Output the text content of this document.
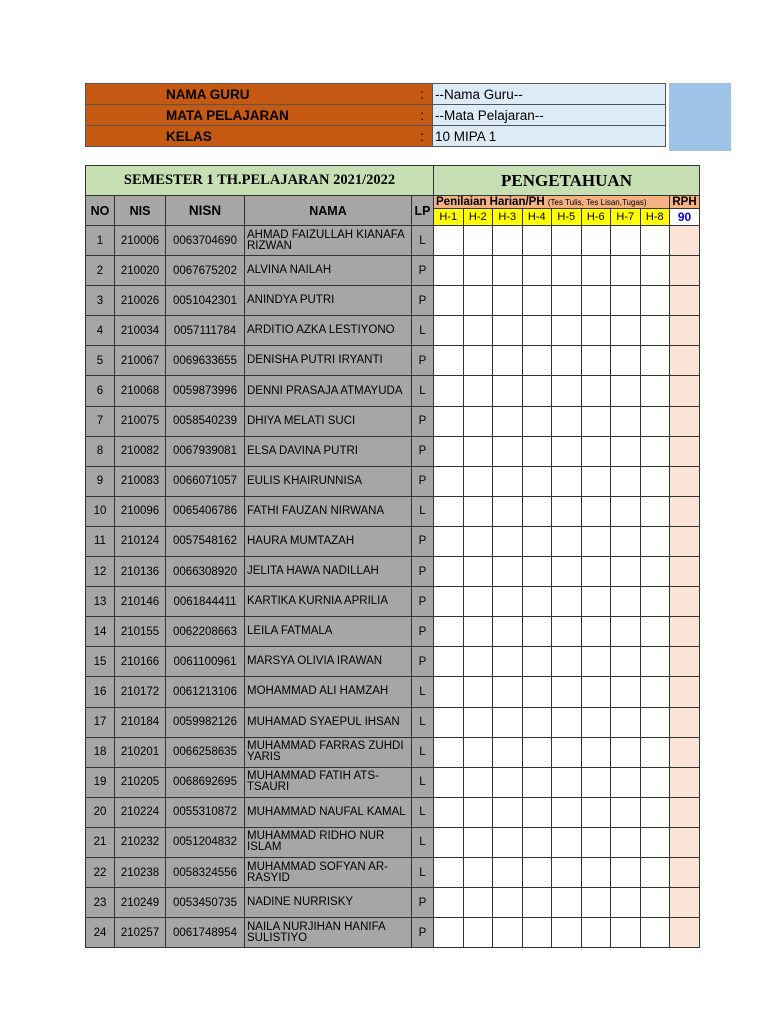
NAMA GURU :	--Nama Guru--
MATA PELAJARAN :	--Mata Pelajaran--
KELAS :	10 MIPA 1
SEMESTER 1 TH.PELAJARAN 2021/2022					PENGETAHUAN								
NO	NIS	NISN	NAMA	LP	Penilaian Harian/PH (Tes Tulis, Tes Lisan,Tugas)								RPH
					H-1	H-2	H-3	H-4	H-5	H-6	H-7	H-8	90
1	210006	0063704690	AHMAD FAIZULLAH KIANAFA RIZWAN	L									
2	210020	0067675202	ALVINA NAILAH	P									
3	210026	0051042301	ANINDYA PUTRI	P									
4	210034	0057111784	ARDITIO AZKA LESTIYONO	L									
5	210067	0069633655	DENISHA PUTRI IRYANTI	P									
6	210068	0059873996	DENNI PRASAJA ATMAYUDA	L									
7	210075	0058540239	DHIYA MELATI SUCI	P									
8	210082	0067939081	ELSA DAVINA PUTRI	P									
9	210083	0066071057	EULIS KHAIRUNNISA	P									
10	210096	0065406786	FATHI FAUZAN NIRWANA	L									
11	210124	0057548162	HAURA MUMTAZAH	P									
12	210136	0066308920	JELITA HAWA NADILLAH	P									
13	210146	0061844411	KARTIKA KURNIA APRILIA	P									
14	210155	0062208663	LEILA FATMALA	P									
15	210166	0061100961	MARSYA OLIVIA IRAWAN	P									
16	210172	0061213106	MOHAMMAD ALI HAMZAH	L									
17	210184	0059982126	MUHAMAD SYAEPUL IHSAN	L									
18	210201	0066258635	MUHAMMAD FARRAS ZUHDI YARIS	L									
19	210205	0068692695	MUHAMMAD FATIH ATS-TSAURI	L									
20	210224	0055310872	MUHAMMAD NAUFAL KAMAL	L									
21	210232	0051204832	MUHAMMAD RIDHO NUR ISLAM	L									
22	210238	0058324556	MUHAMMAD SOFYAN AR-RASYID	L									
23	210249	0053450735	NADINE NURRISKY	P									
24	210257	0061748954	NAILA NURJIHAN HANIFA SULISTIYO	P									
